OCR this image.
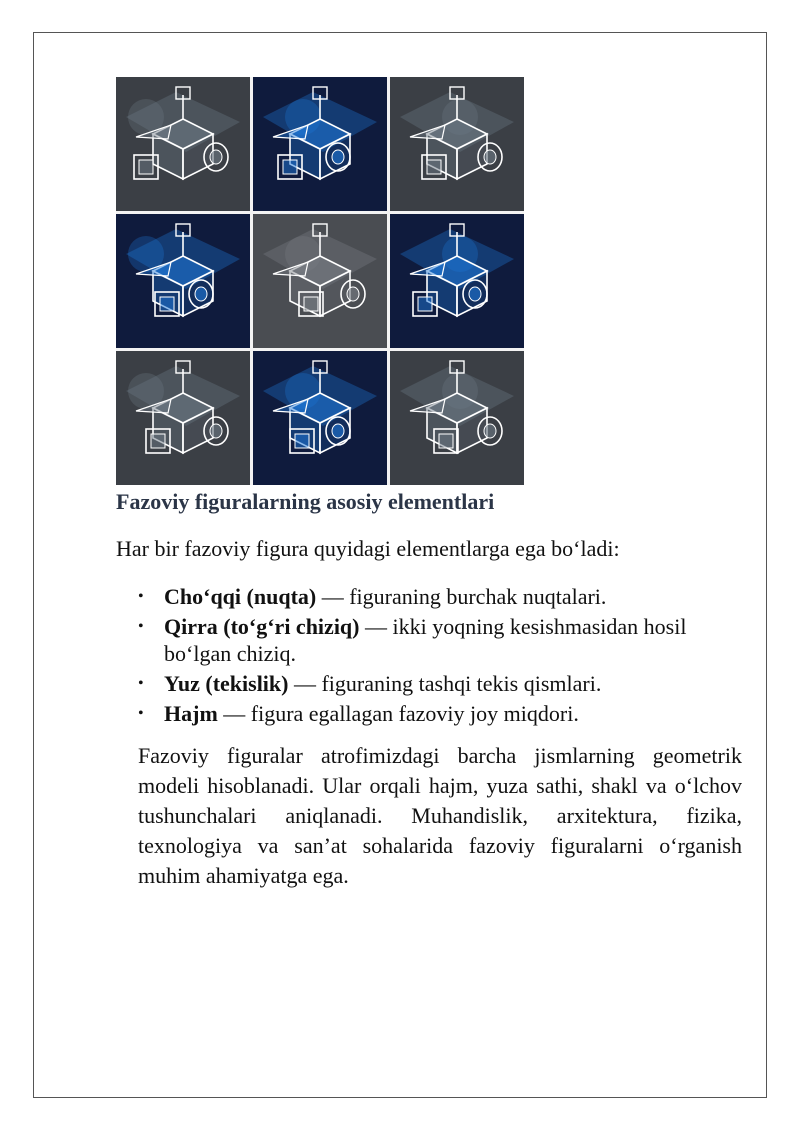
Fazoviy figuralarning asosiy elementlari

Har bir fazoviy figura quyidagi elementlarga ega bo‘ladi:

• Cho‘qqi (nuqta) — figuraning burchak nuqtalari.
• Qirra (to‘g‘ri chiziq) — ikki yoqning kesishmasidan hosil bo‘lgan chiziq.
• Yuz (tekislik) — figuraning tashqi tekis qismlari.
• Hajm — figura egallagan fazoviy joy miqdori.

Fazoviy figuralar atrofimizdagi barcha jismlarning geometrik modeli hisoblanadi. Ular orqali hajm, yuza sathi, shakl va o‘lchov tushunchalari aniqlanadi. Muhandislik, arxitektura, fizika, texnologiya va san’at sohalarida fazoviy figuralarni o‘rganish muhim ahamiyatga ega.
